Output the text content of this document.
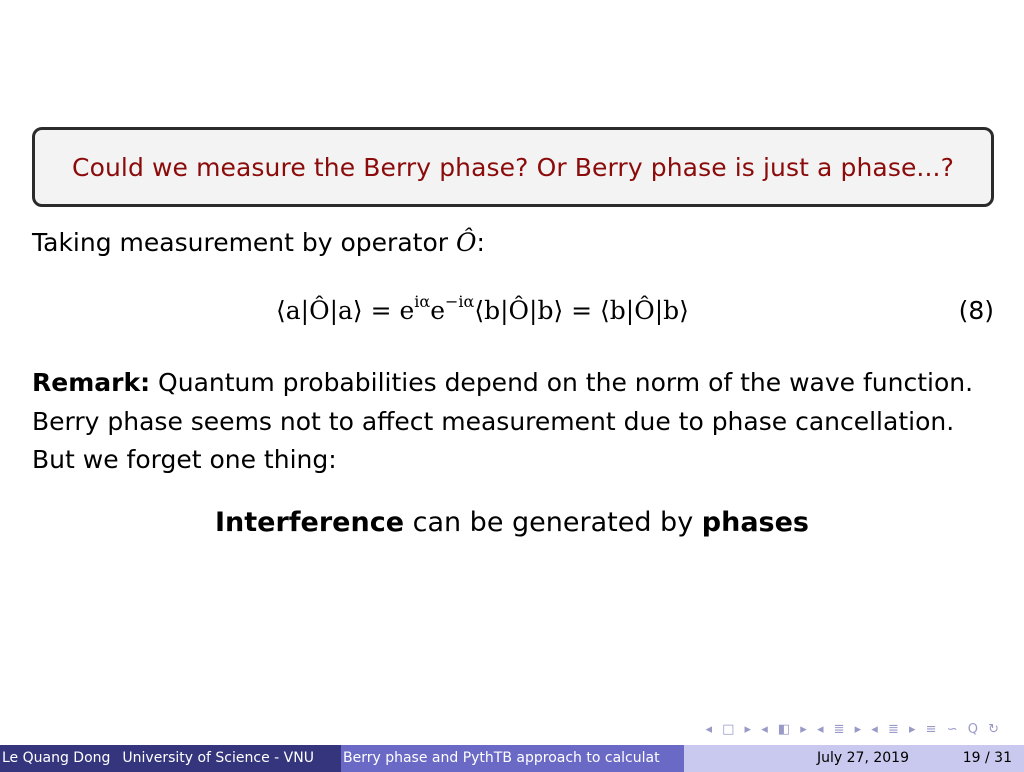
Could we measure the Berry phase? Or Berry phase is just a phase...?
Taking measurement by operator Ô:
⟨a|Ô|a⟩ = $e^{i\alpha}e^{-i\alpha}⟨b|Ô|b⟩$ = ⟨b|Ô|b⟩	(8)
Remark: Quantum probabilities depend on the norm of the wave function.
Berry phase seems not to affect measurement due to phase cancellation.
But we forget one thing:
Interference can be generated by phases
◂ □ ▸ ◂ ◧ ▸ ◂ ≣ ▸ ◂ ≣ ▸ ≡ ∽ Q ↻
Le Quang Dong University of Science - VNU Berry phase and PythTB approach to calculat	July 27, 2019	19 / 31
